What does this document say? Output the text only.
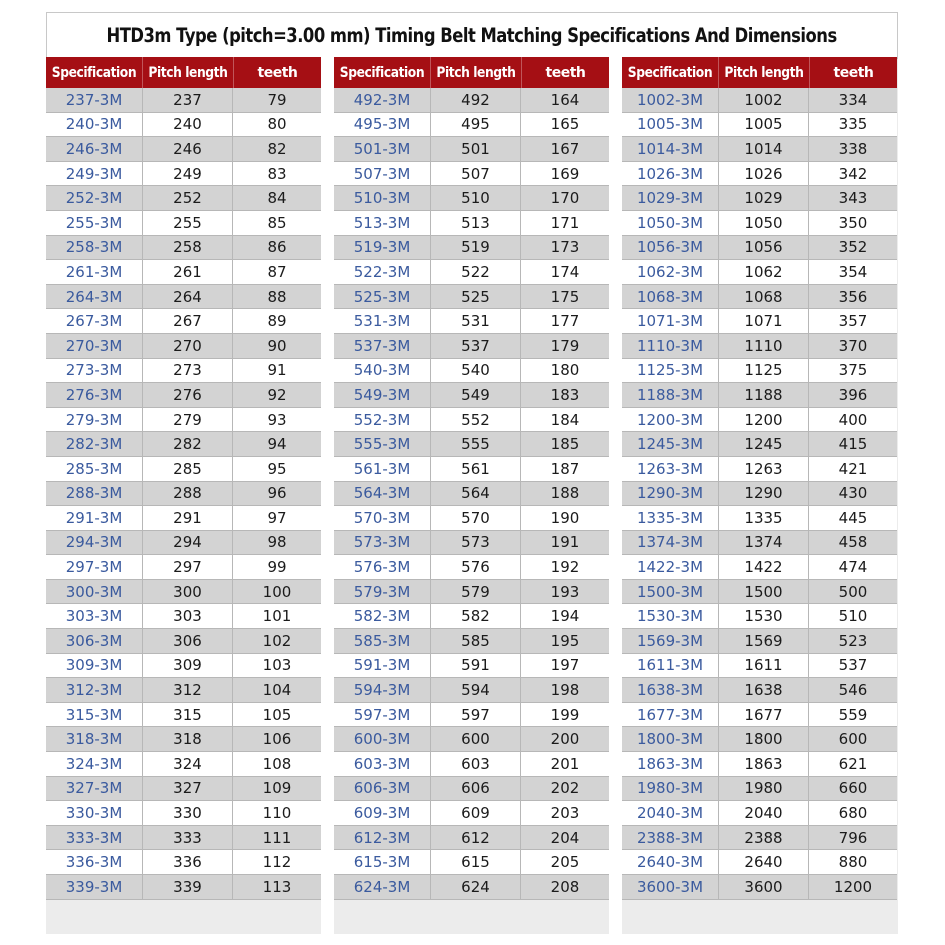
HTD3m Type (pitch=3.00 mm) Timing Belt Matching Specifications And Dimensions
Specification Pitch length teeth
237-3M	237	79
240-3M	240	80
246-3M	246	82
249-3M	249	83
252-3M	252	84
255-3M	255	85
258-3M	258	86
261-3M	261	87
264-3M	264	88
267-3M	267	89
270-3M	270	90
273-3M	273	91
276-3M	276	92
279-3M	279	93
282-3M	282	94
285-3M	285	95
288-3M	288	96
291-3M	291	97
294-3M	294	98
297-3M	297	99
300-3M	300	100
303-3M	303	101
306-3M	306	102
309-3M	309	103
312-3M	312	104
315-3M	315	105
318-3M	318	106
324-3M	324	108
327-3M	327	109
330-3M	330	110
333-3M	333	111
336-3M	336	112
339-3M	339	113
Specification Pitch length teeth
492-3M	492	164
495-3M	495	165
501-3M	501	167
507-3M	507	169
510-3M	510	170
513-3M	513	171
519-3M	519	173
522-3M	522	174
525-3M	525	175
531-3M	531	177
537-3M	537	179
540-3M	540	180
549-3M	549	183
552-3M	552	184
555-3M	555	185
561-3M	561	187
564-3M	564	188
570-3M	570	190
573-3M	573	191
576-3M	576	192
579-3M	579	193
582-3M	582	194
585-3M	585	195
591-3M	591	197
594-3M	594	198
597-3M	597	199
600-3M	600	200
603-3M	603	201
606-3M	606	202
609-3M	609	203
612-3M	612	204
615-3M	615	205
624-3M	624	208
Specification Pitch length teeth
1002-3M	1002	334
1005-3M	1005	335
1014-3M	1014	338
1026-3M	1026	342
1029-3M	1029	343
1050-3M	1050	350
1056-3M	1056	352
1062-3M	1062	354
1068-3M	1068	356
1071-3M	1071	357
1110-3M	1110	370
1125-3M	1125	375
1188-3M	1188	396
1200-3M	1200	400
1245-3M	1245	415
1263-3M	1263	421
1290-3M	1290	430
1335-3M	1335	445
1374-3M	1374	458
1422-3M	1422	474
1500-3M	1500	500
1530-3M	1530	510
1569-3M	1569	523
1611-3M	1611	537
1638-3M	1638	546
1677-3M	1677	559
1800-3M	1800	600
1863-3M	1863	621
1980-3M	1980	660
2040-3M	2040	680
2388-3M	2388	796
2640-3M	2640	880
3600-3M	3600	1200
